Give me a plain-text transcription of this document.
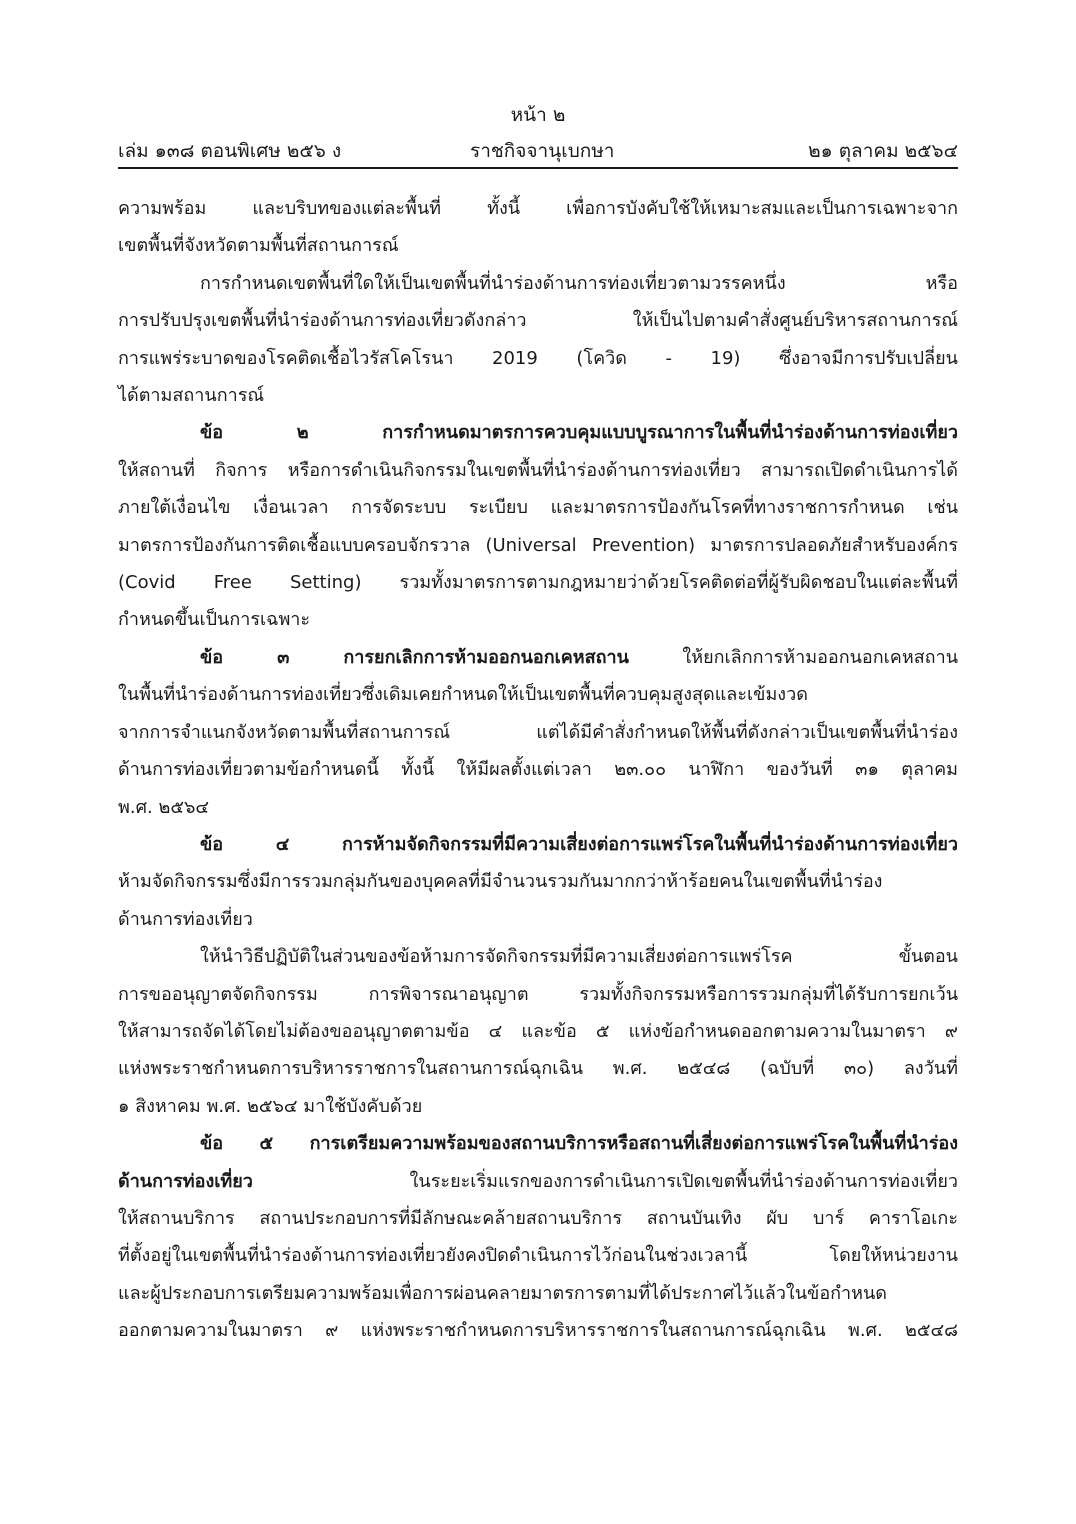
หน้า ๒
เล่ม ๑๓๘ ตอนพิเศษ ๒๕๖ ง	ราชกิจจานุเบกษา	๒๑ ตุลาคม ๒๕๖๔

ความพร้อม และบริบทของแต่ละพื้นที่ ทั้งนี้ เพื่อการบังคับใช้ให้เหมาะสมและเป็นการเฉพาะจาก

เขตพื้นที่จังหวัดตามพื้นที่สถานการณ์

การกำหนดเขตพื้นที่ใดให้เป็นเขตพื้นที่นำร่องด้านการท่องเที่ยวตามวรรคหนึ่ง หรือ

การปรับปรุงเขตพื้นที่นำร่องด้านการท่องเที่ยวดังกล่าว ให้เป็นไปตามคำสั่งศูนย์บริหารสถานการณ์

การแพร่ระบาดของโรคติดเชื้อไวรัสโคโรนา 2019 (โควิด - 19) ซึ่งอาจมีการปรับเปลี่ยน

ได้ตามสถานการณ์

ข้อ ๒ การกำหนดมาตรการควบคุมแบบบูรณาการในพื้นที่นำร่องด้านการท่องเที่ยว

ให้สถานที่ กิจการ หรือการดำเนินกิจกรรมในเขตพื้นที่นำร่องด้านการท่องเที่ยว สามารถเปิดดำเนินการได้

ภายใต้เงื่อนไข เงื่อนเวลา การจัดระบบ ระเบียบ และมาตรการป้องกันโรคที่ทางราชการกำหนด เช่น

มาตรการป้องกันการติดเชื้อแบบครอบจักรวาล (Universal Prevention) มาตรการปลอดภัยสำหรับองค์กร

(Covid Free Setting) รวมทั้งมาตรการตามกฎหมายว่าด้วยโรคติดต่อที่ผู้รับผิดชอบในแต่ละพื้นที่

กำหนดขึ้นเป็นการเฉพาะ

ข้อ ๓ การยกเลิกการห้ามออกนอกเคหสถาน ให้ยกเลิกการห้ามออกนอกเคหสถาน

ในพื้นที่นำร่องด้านการท่องเที่ยวซึ่งเดิมเคยกำหนดให้เป็นเขตพื้นที่ควบคุมสูงสุดและเข้มงวด

จากการจำแนกจังหวัดตามพื้นที่สถานการณ์ แต่ได้มีคำสั่งกำหนดให้พื้นที่ดังกล่าวเป็นเขตพื้นที่นำร่อง

ด้านการท่องเที่ยวตามข้อกำหนดนี้ ทั้งนี้ ให้มีผลตั้งแต่เวลา ๒๓.๐๐ นาฬิกา ของวันที่ ๓๑ ตุลาคม

พ.ศ. ๒๕๖๔

ข้อ ๔ การห้ามจัดกิจกรรมที่มีความเสี่ยงต่อการแพร่โรคในพื้นที่นำร่องด้านการท่องเที่ยว

ห้ามจัดกิจกรรมซึ่งมีการรวมกลุ่มกันของบุคคลที่มีจำนวนรวมกันมากกว่าห้าร้อยคนในเขตพื้นที่นำร่อง

ด้านการท่องเที่ยว

ให้นำวิธีปฏิบัติในส่วนของข้อห้ามการจัดกิจกรรมที่มีความเสี่ยงต่อการแพร่โรค ขั้นตอน

การขออนุญาตจัดกิจกรรม การพิจารณาอนุญาต รวมทั้งกิจกรรมหรือการรวมกลุ่มที่ได้รับการยกเว้น

ให้สามารถจัดได้โดยไม่ต้องขออนุญาตตามข้อ ๔ และข้อ ๕ แห่งข้อกำหนดออกตามความในมาตรา ๙

แห่งพระราชกำหนดการบริหารราชการในสถานการณ์ฉุกเฉิน พ.ศ. ๒๕๔๘ (ฉบับที่ ๓๐) ลงวันที่

๑ สิงหาคม พ.ศ. ๒๕๖๔ มาใช้บังคับด้วย

ข้อ ๕ การเตรียมความพร้อมของสถานบริการหรือสถานที่เสี่ยงต่อการแพร่โรคในพื้นที่นำร่อง

ด้านการท่องเที่ยว ในระยะเริ่มแรกของการดำเนินการเปิดเขตพื้นที่นำร่องด้านการท่องเที่ยว

ให้สถานบริการ สถานประกอบการที่มีลักษณะคล้ายสถานบริการ สถานบันเทิง ผับ บาร์ คาราโอเกะ

ที่ตั้งอยู่ในเขตพื้นที่นำร่องด้านการท่องเที่ยวยังคงปิดดำเนินการไว้ก่อนในช่วงเวลานี้ โดยให้หน่วยงาน

และผู้ประกอบการเตรียมความพร้อมเพื่อการผ่อนคลายมาตรการตามที่ได้ประกาศไว้แล้วในข้อกำหนด

ออกตามความในมาตรา ๙ แห่งพระราชกำหนดการบริหารราชการในสถานการณ์ฉุกเฉิน พ.ศ. ๒๕๔๘
